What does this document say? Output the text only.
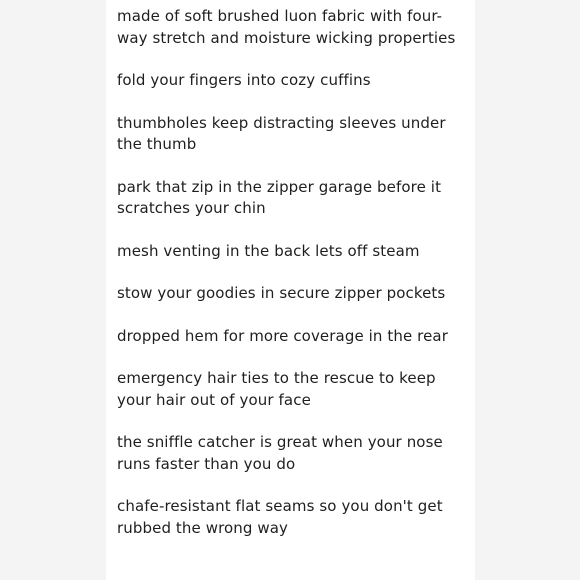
made of soft brushed luon fabric with four-way stretch and moisture wicking properties
fold your fingers into cozy cuffins
thumbholes keep distracting sleeves under the thumb
park that zip in the zipper garage before it scratches your chin
mesh venting in the back lets off steam
stow your goodies in secure zipper pockets
dropped hem for more coverage in the rear
emergency hair ties to the rescue to keep your hair out of your face
the sniffle catcher is great when your nose runs faster than you do
chafe-resistant flat seams so you don't get rubbed the wrong way
